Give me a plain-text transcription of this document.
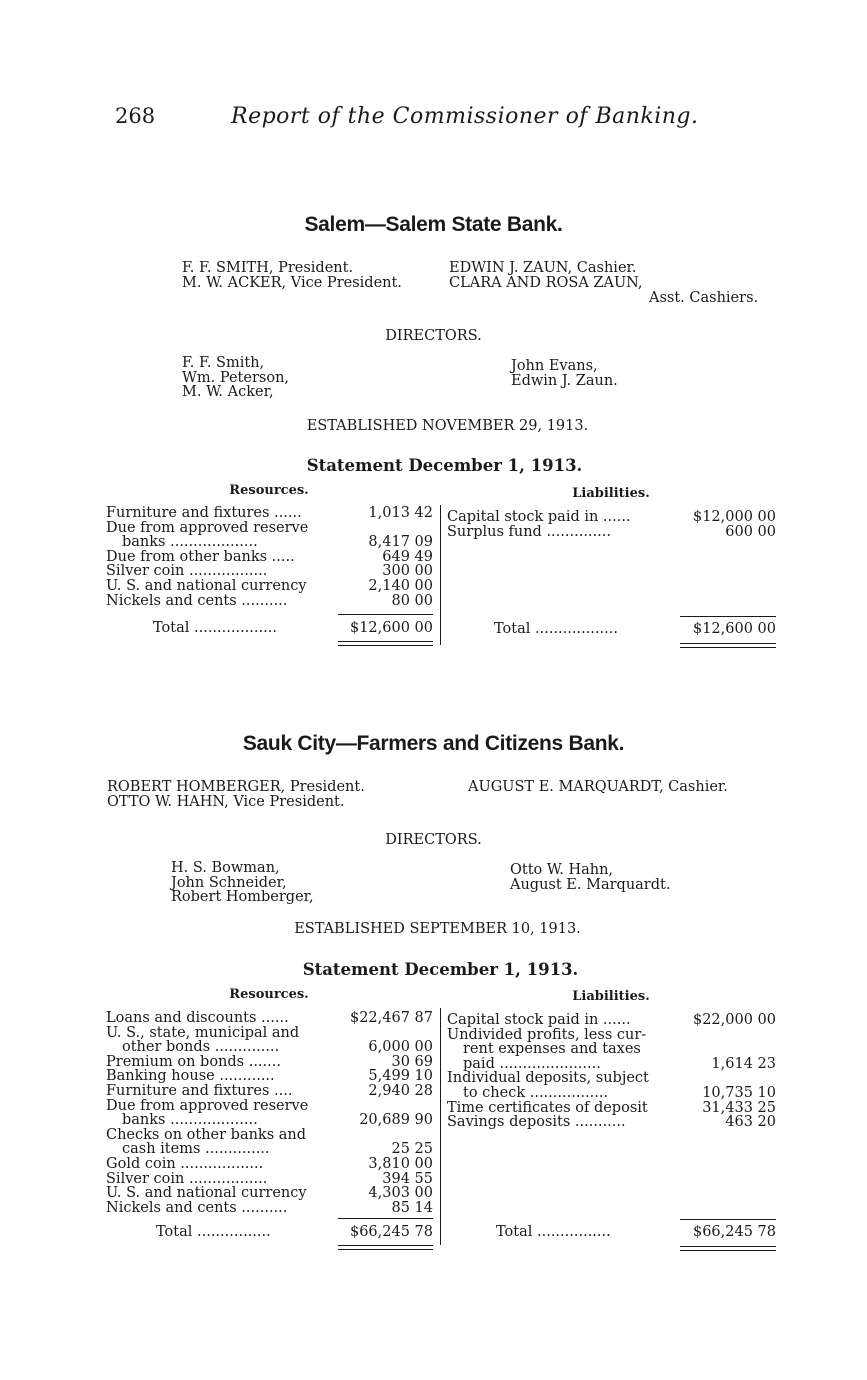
268	Report of the Commissioner of Banking.
Salem—Salem State Bank.
F. F. SMITH, President.
M. W. ACKER, Vice President.
EDWIN J. ZAUN, Cashier.
CLARA AND ROSA ZAUN,
Asst. Cashiers.
DIRECTORS.
F. F. Smith,
Wm. Peterson,
M. W. Acker,
John Evans,
Edwin J. Zaun.
ESTABLISHED NOVEMBER 29, 1913.
Statement December 1, 1913.
Resources.	Liabilities.
Furniture and fixtures ......	1,013 42
Due from approved reserve
banks ...................	8,417 09
Due from other banks .....	649 49
Silver coin .................	300 00
U. S. and national currency	2,140 00
Nickels and cents ..........	80 00
Capital stock paid in ......	$12,000 00
Surplus fund ..............	600 00
Total ..................	$12,600 00	Total ..................	$12,600 00
Sauk City—Farmers and Citizens Bank.
ROBERT HOMBERGER, President.
OTTO W. HAHN, Vice President.
AUGUST E. MARQUARDT, Cashier.
DIRECTORS.
H. S. Bowman,
John Schneider,
Robert Homberger,
Otto W. Hahn,
August E. Marquardt.
ESTABLISHED SEPTEMBER 10, 1913.
Statement December 1, 1913.
Resources.	Liabilities.
Loans and discounts ......	$22,467 87
U. S., state, municipal and
other bonds ..............	6,000 00
Premium on bonds .......	30 69
Banking house ............	5,499 10
Furniture and fixtures ....	2,940 28
Due from approved reserve
banks ...................	20,689 90
Checks on other banks and
cash items ..............	25 25
Gold coin ..................	3,810 00
Silver coin .................	394 55
U. S. and national currency	4,303 00
Nickels and cents ..........	85 14
Capital stock paid in ......	$22,000 00
Undivided profits, less cur-
rent expenses and taxes
paid ......................	1,614 23
Individual deposits, subject
to check .................	10,735 10
Time certificates of deposit	31,433 25
Savings deposits ...........	463 20
Total ................	$66,245 78	Total ................	$66,245 78
